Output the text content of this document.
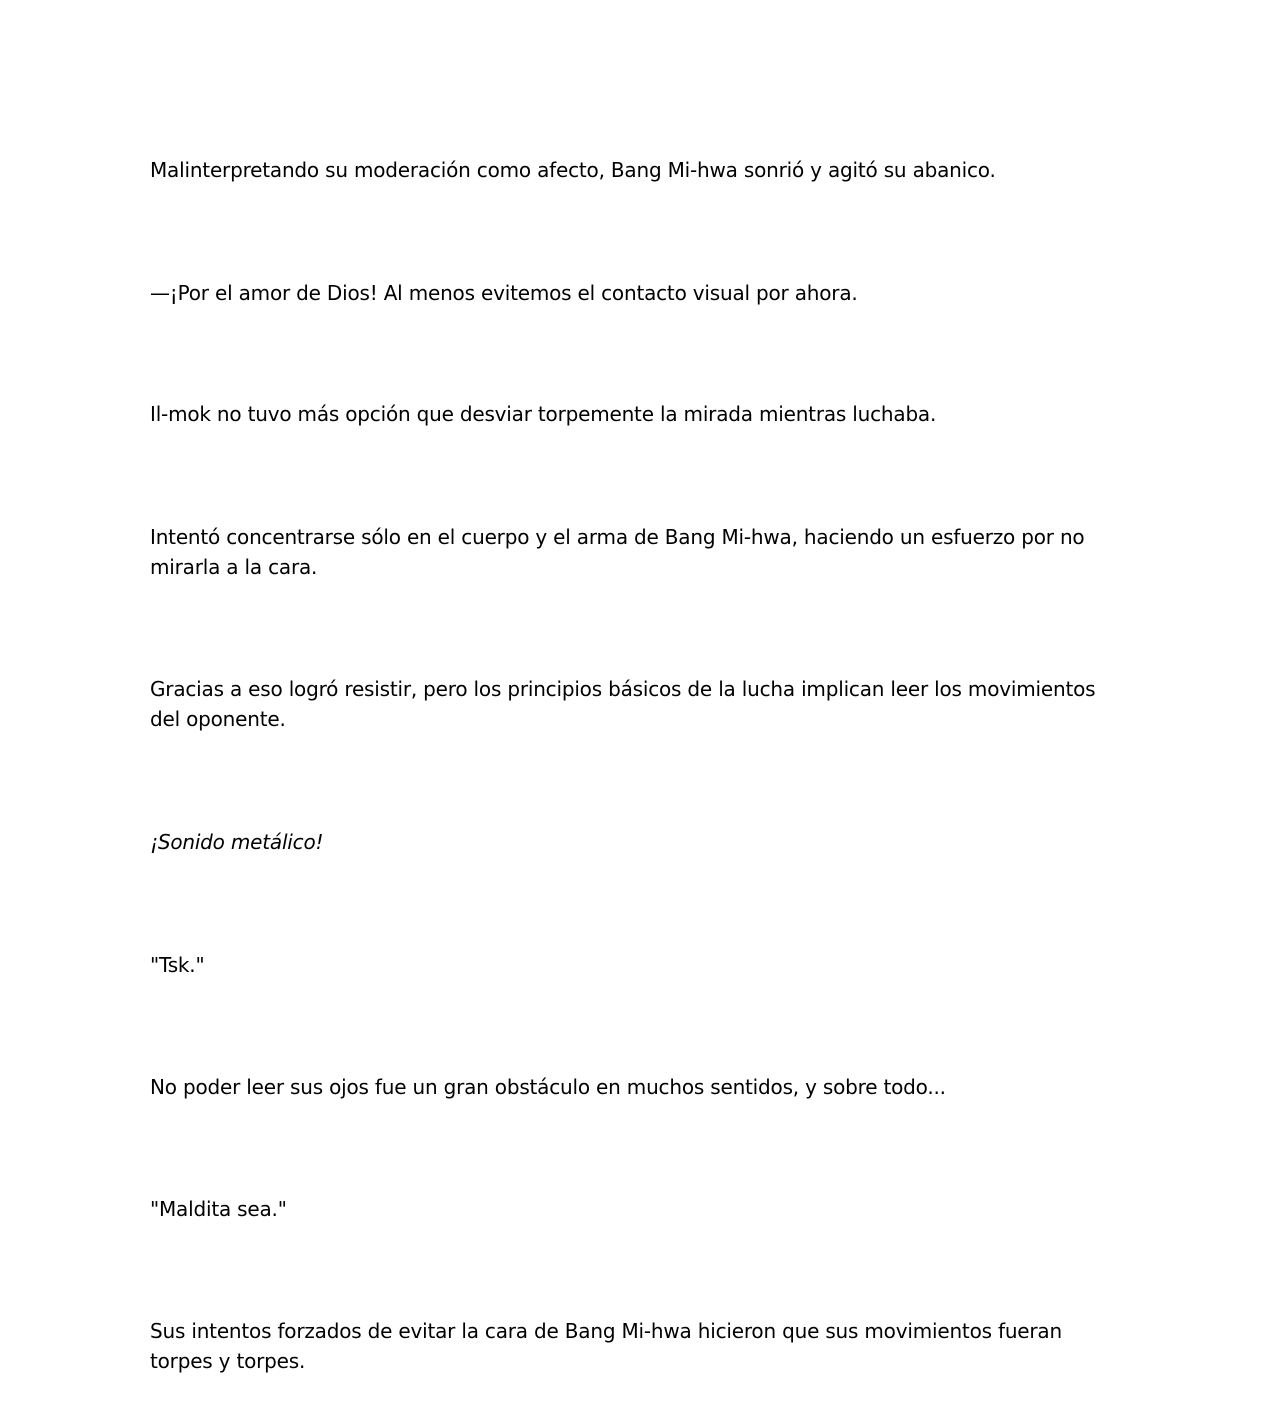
Malinterpretando su moderación como afecto, Bang Mi-hwa sonrió y agitó su abanico.

—¡Por el amor de Dios! Al menos evitemos el contacto visual por ahora.

Il-mok no tuvo más opción que desviar torpemente la mirada mientras luchaba.

Intentó concentrarse sólo en el cuerpo y el arma de Bang Mi-hwa, haciendo un esfuerzo por no mirarla a la cara.

Gracias a eso logró resistir, pero los principios básicos de la lucha implican leer los movimientos del oponente.

¡Sonido metálico!

"Tsk."

No poder leer sus ojos fue un gran obstáculo en muchos sentidos, y sobre todo...

"Maldita sea."

Sus intentos forzados de evitar la cara de Bang Mi-hwa hicieron que sus movimientos fueran torpes y torpes.
